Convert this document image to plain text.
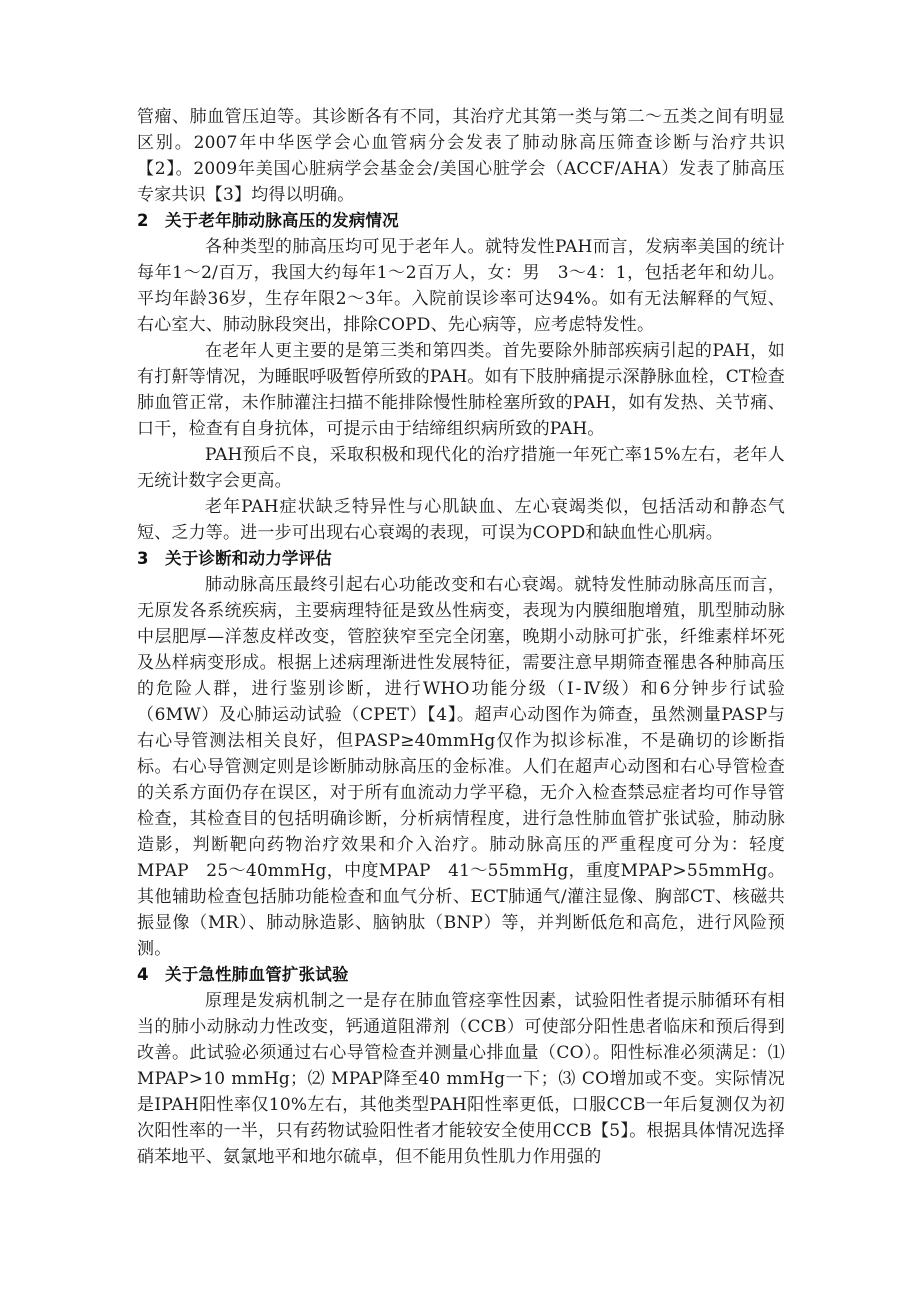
管瘤、肺血管压迫等。其诊断各有不同，其治疗尤其第一类与第二～五类之间有明显区别。2007年中华医学会心血管病分会发表了肺动脉高压筛查诊断与治疗共识【2】。2009年美国心脏病学会基金会/美国心脏学会（ACCF/AHA）发表了肺高压专家共识【3】均得以明确。

2 关于老年肺动脉高压的发病情况

各种类型的肺高压均可见于老年人。就特发性PAH而言，发病率美国的统计每年1～2/百万，我国大约每年1～2百万人，女：男　3～4：1，包括老年和幼儿。平均年龄36岁，生存年限2～3年。入院前误诊率可达94%。如有无法解释的气短、右心室大、肺动脉段突出，排除COPD、先心病等，应考虑特发性。

在老年人更主要的是第三类和第四类。首先要除外肺部疾病引起的PAH，如有打鼾等情况，为睡眠呼吸暂停所致的PAH。如有下肢肿痛提示深静脉血栓，CT检查肺血管正常，未作肺灌注扫描不能排除慢性肺栓塞所致的PAH，如有发热、关节痛、口干，检查有自身抗体，可提示由于结缔组织病所致的PAH。

PAH预后不良，采取积极和现代化的治疗措施一年死亡率15%左右，老年人无统计数字会更高。

老年PAH症状缺乏特异性与心肌缺血、左心衰竭类似，包括活动和静态气短、乏力等。进一步可出现右心衰竭的表现，可误为COPD和缺血性心肌病。

3 关于诊断和动力学评估

肺动脉高压最终引起右心功能改变和右心衰竭。就特发性肺动脉高压而言，无原发各系统疾病，主要病理特征是致丛性病变，表现为内膜细胞增殖，肌型肺动脉中层肥厚—洋葱皮样改变，管腔狭窄至完全闭塞，晚期小动脉可扩张，纤维素样坏死及丛样病变形成。根据上述病理渐进性发展特征，需要注意早期筛查罹患各种肺高压的危险人群，进行鉴别诊断，进行WHO功能分级（Ⅰ-Ⅳ级）和6分钟步行试验（6MW）及心肺运动试验（CPET）【4】。超声心动图作为筛查，虽然测量PASP与右心导管测法相关良好，但PASP≥40mmHg仅作为拟诊标准，不是确切的诊断指标。右心导管测定则是诊断肺动脉高压的金标准。人们在超声心动图和右心导管检查的关系方面仍存在误区，对于所有血流动力学平稳，无介入检查禁忌症者均可作导管检查，其检查目的包括明确诊断，分析病情程度，进行急性肺血管扩张试验，肺动脉造影，判断靶向药物治疗效果和介入治疗。肺动脉高压的严重程度可分为：轻度MPAP　25～40mmHg，中度MPAP　41～55mmHg，重度MPAP>55mmHg。其他辅助检查包括肺功能检查和血气分析、ECT肺通气/灌注显像、胸部CT、核磁共振显像（MR）、肺动脉造影、脑钠肽（BNP）等，并判断低危和高危，进行风险预测。

4 关于急性肺血管扩张试验

原理是发病机制之一是存在肺血管痉挛性因素，试验阳性者提示肺循环有相当的肺小动脉动力性改变，钙通道阻滞剂（CCB）可使部分阳性患者临床和预后得到改善。此试验必须通过右心导管检查并测量心排血量（CO）。阳性标准必须满足：⑴ MPAP>10 mmHg；⑵ MPAP降至40 mmHg一下；⑶ CO增加或不变。实际情况是IPAH阳性率仅10%左右，其他类型PAH阳性率更低，口服CCB一年后复测仅为初次阳性率的一半，只有药物试验阳性者才能较安全使用CCB【5】。根据具体情况选择硝苯地平、氨氯地平和地尔硫卓，但不能用负性肌力作用强的
